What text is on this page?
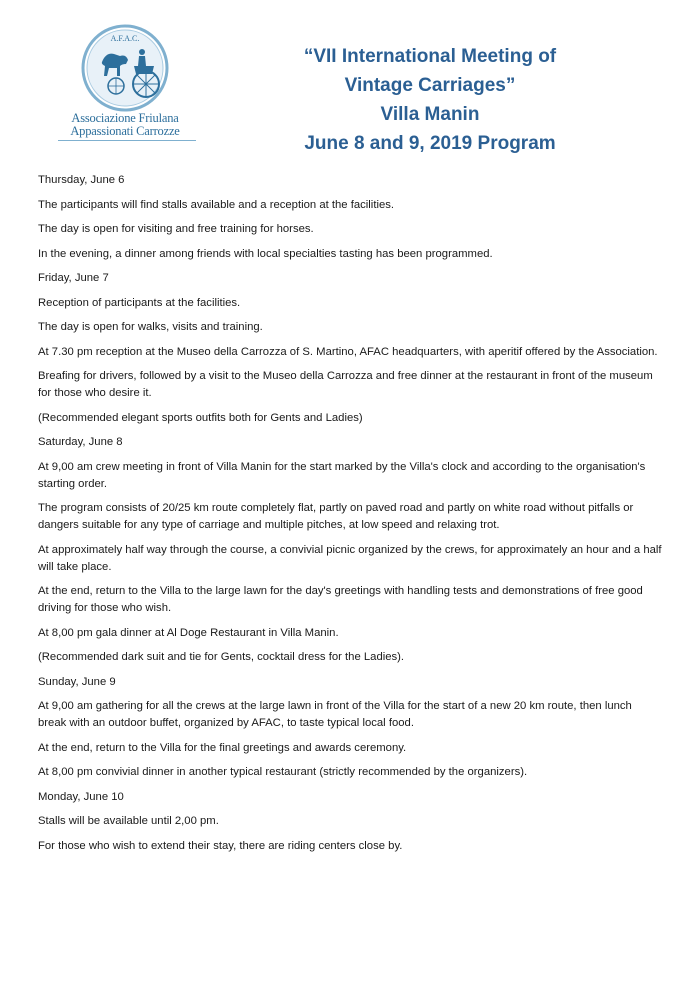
A.F.A.C.
Associazione Friulana
Appassionati Carrozze
“VII International Meeting of
Vintage Carriages”
Villa Manin
June 8 and 9, 2019 Program

Thursday, June 6

The participants will find stalls available and a reception at the facilities.

The day is open for visiting and free training for horses.

In the evening, a dinner among friends with local specialties tasting has been programmed.

Friday, June 7

Reception of participants at the facilities.

The day is open for walks, visits and training.

At 7.30 pm reception at the Museo della Carrozza of S. Martino, AFAC headquarters, with aperitif offered by the Association.

Breafing for drivers, followed by a visit to the Museo della Carrozza and free dinner at the restaurant in front of the museum for those who desire it.

(Recommended elegant sports outfits both for Gents and Ladies)

Saturday, June 8

At 9,00 am crew meeting in front of Villa Manin for the start marked by the Villa's clock and according to the organisation's starting order.

The program consists of 20/25 km route completely flat, partly on paved road and partly on white road without pitfalls or dangers suitable for any type of carriage and multiple pitches, at low speed and relaxing trot.

At approximately half way through the course, a convivial picnic organized by the crews, for approximately an hour and a half will take place.

At the end, return to the Villa to the large lawn for the day's greetings with handling tests and demonstrations of free good driving for those who wish.

At 8,00 pm gala dinner at Al Doge Restaurant in Villa Manin.

(Recommended dark suit and tie for Gents, cocktail dress for the Ladies).

Sunday, June 9

At 9,00 am gathering for all the crews at the large lawn in front of the Villa for the start of a new 20 km route, then lunch break with an outdoor buffet, organized by AFAC, to taste typical local food.

At the end, return to the Villa for the final greetings and awards ceremony.

At 8,00 pm convivial dinner in another typical restaurant (strictly recommended by the organizers).

Monday, June 10

Stalls will be available until 2,00 pm.

For those who wish to extend their stay, there are riding centers close by.
